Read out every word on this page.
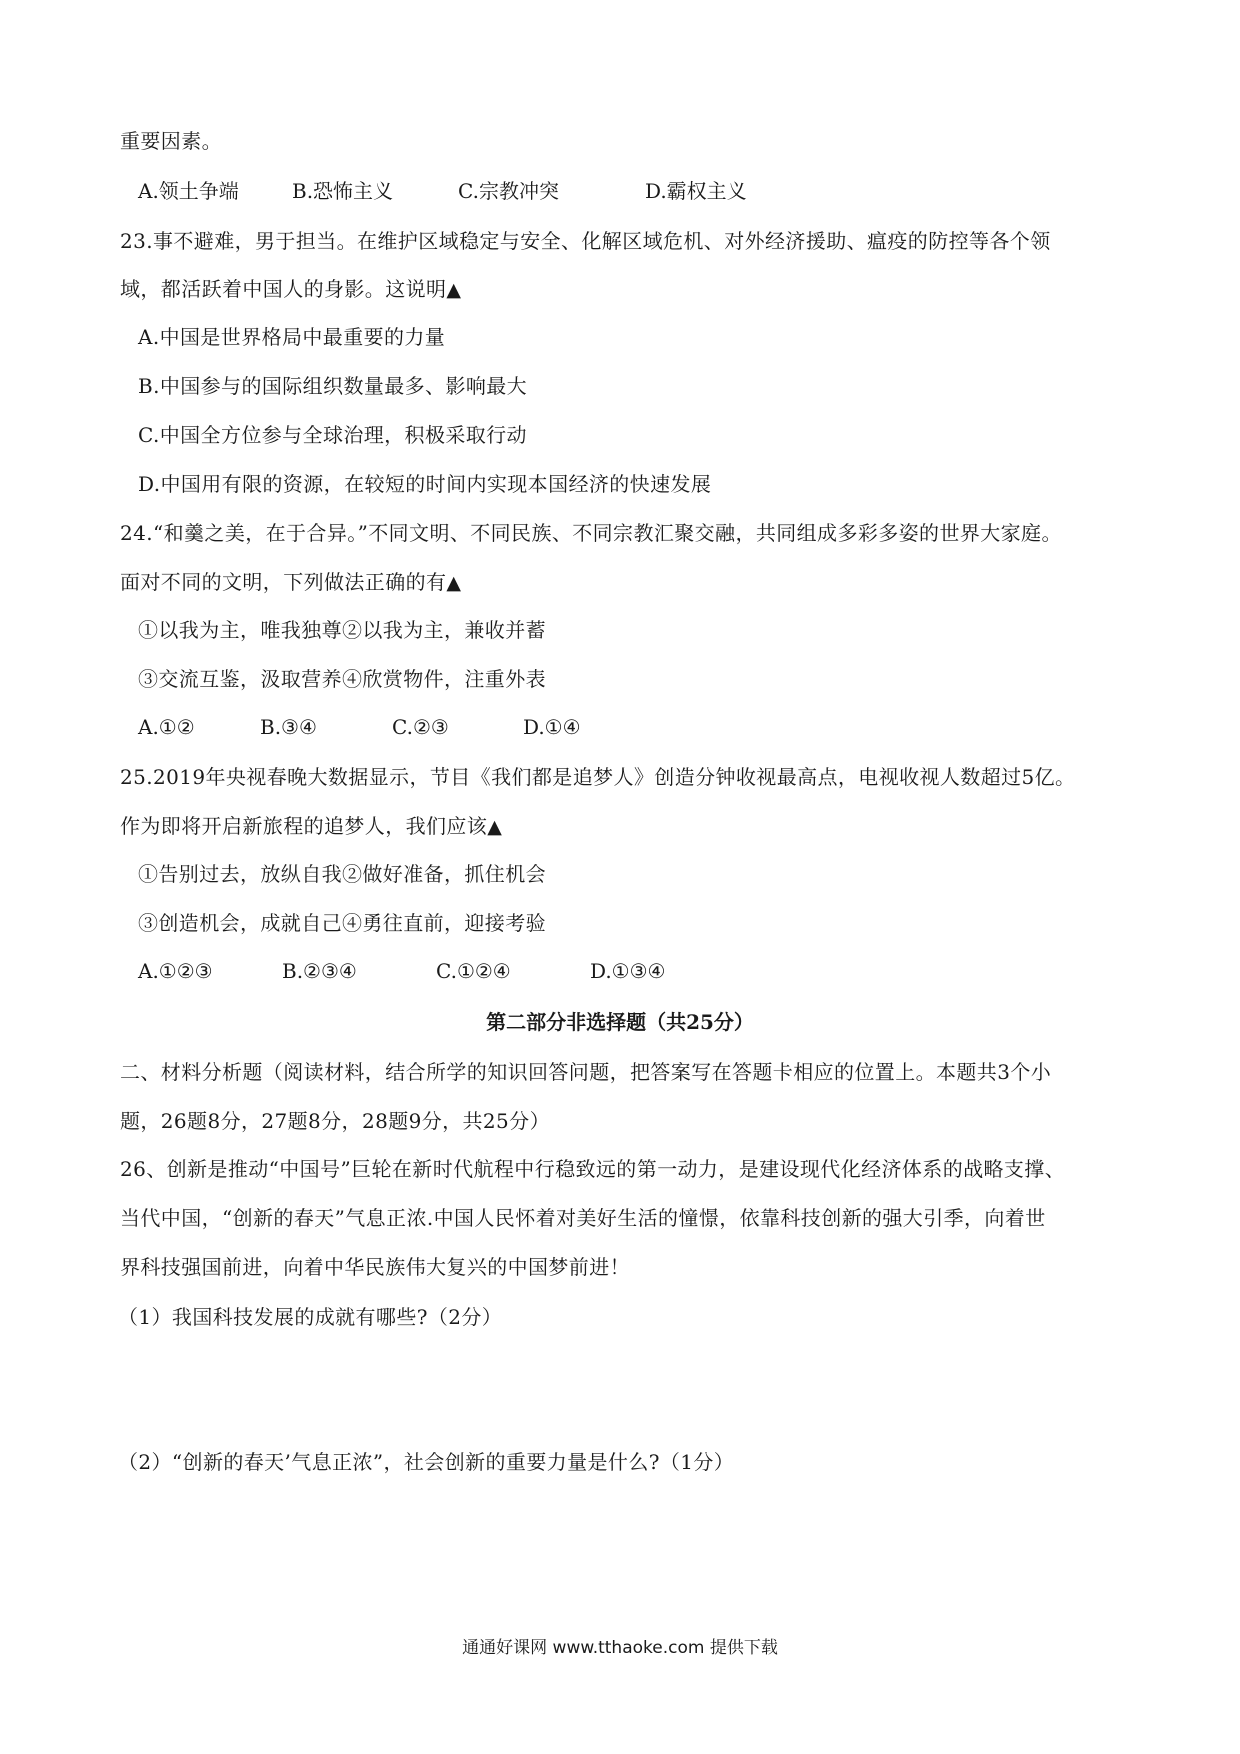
重要因素。
A.领土争端	B.恐怖主义	C.宗教冲突	D.霸权主义
23.事不避难，男于担当。在维护区域稳定与安全、化解区域危机、对外经济援助、瘟疫的防控等各个领
域，都活跃着中国人的身影。这说明▲
A.中国是世界格局中最重要的力量
B.中国参与的国际组织数量最多、影响最大
C.中国全方位参与全球治理，积极采取行动
D.中国用有限的资源，在较短的时间内实现本国经济的快速发展
24.“和羹之美，在于合异。”不同文明、不同民族、不同宗教汇聚交融，共同组成多彩多姿的世界大家庭。
面对不同的文明，下列做法正确的有▲
①以我为主，唯我独尊②以我为主，兼收并蓄
③交流互鉴，汲取营养④欣赏物件，注重外表
A.①②	B.③④	C.②③	D.①④
25.2019年央视春晚大数据显示，节目《我们都是追梦人》创造分钟收视最高点，电视收视人数超过5亿。
作为即将开启新旅程的追梦人，我们应该▲
①告别过去，放纵自我②做好准备，抓住机会
③创造机会，成就自己④勇往直前，迎接考验
A.①②③	B.②③④	C.①②④	D.①③④
第二部分非选择题（共25分）
二、材料分析题（阅读材料，结合所学的知识回答问题，把答案写在答题卡相应的位置上。本题共3个小
题，26题8分，27题8分，28题9分，共25分）
26、创新是推动“中国号”巨轮在新时代航程中行稳致远的第一动力，是建设现代化经济体系的战略支撑、
当代中国，“创新的春天”气息正浓.中国人民怀着对美好生活的憧憬，依靠科技创新的强大引季，向着世
界科技强国前进，向着中华民族伟大复兴的中国梦前进！
（1）我国科技发展的成就有哪些?（2分）
（2）“创新的春天’气息正浓”，社会创新的重要力量是什么?（1分）
通通好课网 www.tthaoke.com 提供下载
